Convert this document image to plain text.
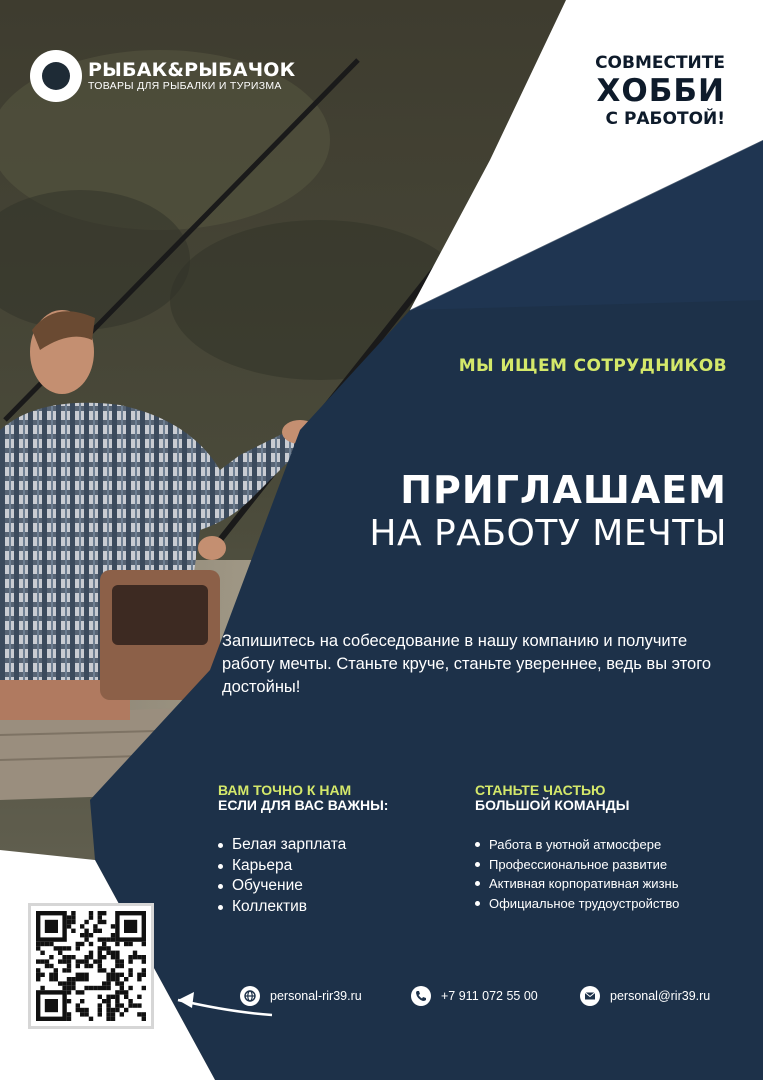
РЫБАК&РЫБАЧОК
ТОВАРЫ ДЛЯ РЫБАЛКИ И ТУРИЗМА
СОВМЕСТИТЕ
ХОББИ
С РАБОТОЙ!
МЫ ИЩЕМ СОТРУДНИКОВ
ПРИГЛАШАЕМ
НА РАБОТУ МЕЧТЫ
Запишитесь на собеседование в нашу компанию и получите работу мечты. Станьте круче, станьте увереннее, ведь вы этого достойны!
ВАМ ТОЧНО К НАМ
ЕСЛИ ДЛЯ ВАС ВАЖНЫ:
Белая зарплата
Карьера
Обучение
Коллектив
СТАНЬТЕ ЧАСТЬЮ
БОЛЬШОЙ КОМАНДЫ
Работа в уютной атмосфере
Профессиональное развитие
Активная корпоративная жизнь
Официальное трудоустройство
personal-rir39.ru	+7 911 072 55 00	personal@rir39.ru
